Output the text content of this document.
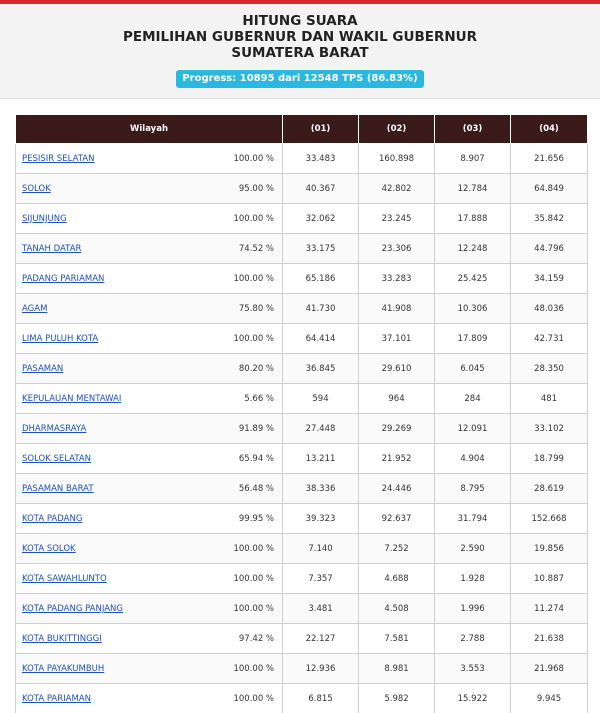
HITUNG SUARA
PEMILIHAN GUBERNUR DAN WAKIL GUBERNUR
SUMATERA BARAT
Progress: 10895 dari 12548 TPS (86.83%)
Wilayah		(01)	(02)	(03)	(04)

PESISIR SELATAN	100.00 %	33.483	160.898	8.907	21.656

SOLOK	95.00 %	40.367	42.802	12.784	64.849

SIJUNJUNG	100.00 %	32.062	23.245	17.888	35.842

TANAH DATAR	74.52 %	33.175	23.306	12.248	44.796

PADANG PARIAMAN	100.00 %	65.186	33.283	25.425	34.159

AGAM	75.80 %	41.730	41.908	10.306	48.036

LIMA PULUH KOTA	100.00 %	64.414	37.101	17.809	42.731

PASAMAN	80.20 %	36.845	29.610	6.045	28.350

KEPULAUAN MENTAWAI	5.66 %	594	964	284	481

DHARMASRAYA	91.89 %	27.448	29.269	12.091	33.102

SOLOK SELATAN	65.94 %	13.211	21.952	4.904	18.799

PASAMAN BARAT	56.48 %	38.336	24.446	8.795	28.619

KOTA PADANG	99.95 %	39.323	92.637	31.794	152.668

KOTA SOLOK	100.00 %	7.140	7.252	2.590	19.856

KOTA SAWAHLUNTO	100.00 %	7.357	4.688	1.928	10.887

KOTA PADANG PANJANG	100.00 %	3.481	4.508	1.996	11.274

KOTA BUKITTINGGI	97.42 %	22.127	7.581	2.788	21.638

KOTA PAYAKUMBUH	100.00 %	12.936	8.981	3.553	21.968

KOTA PARIAMAN	100.00 %	6.815	5.982	15.922	9.945
